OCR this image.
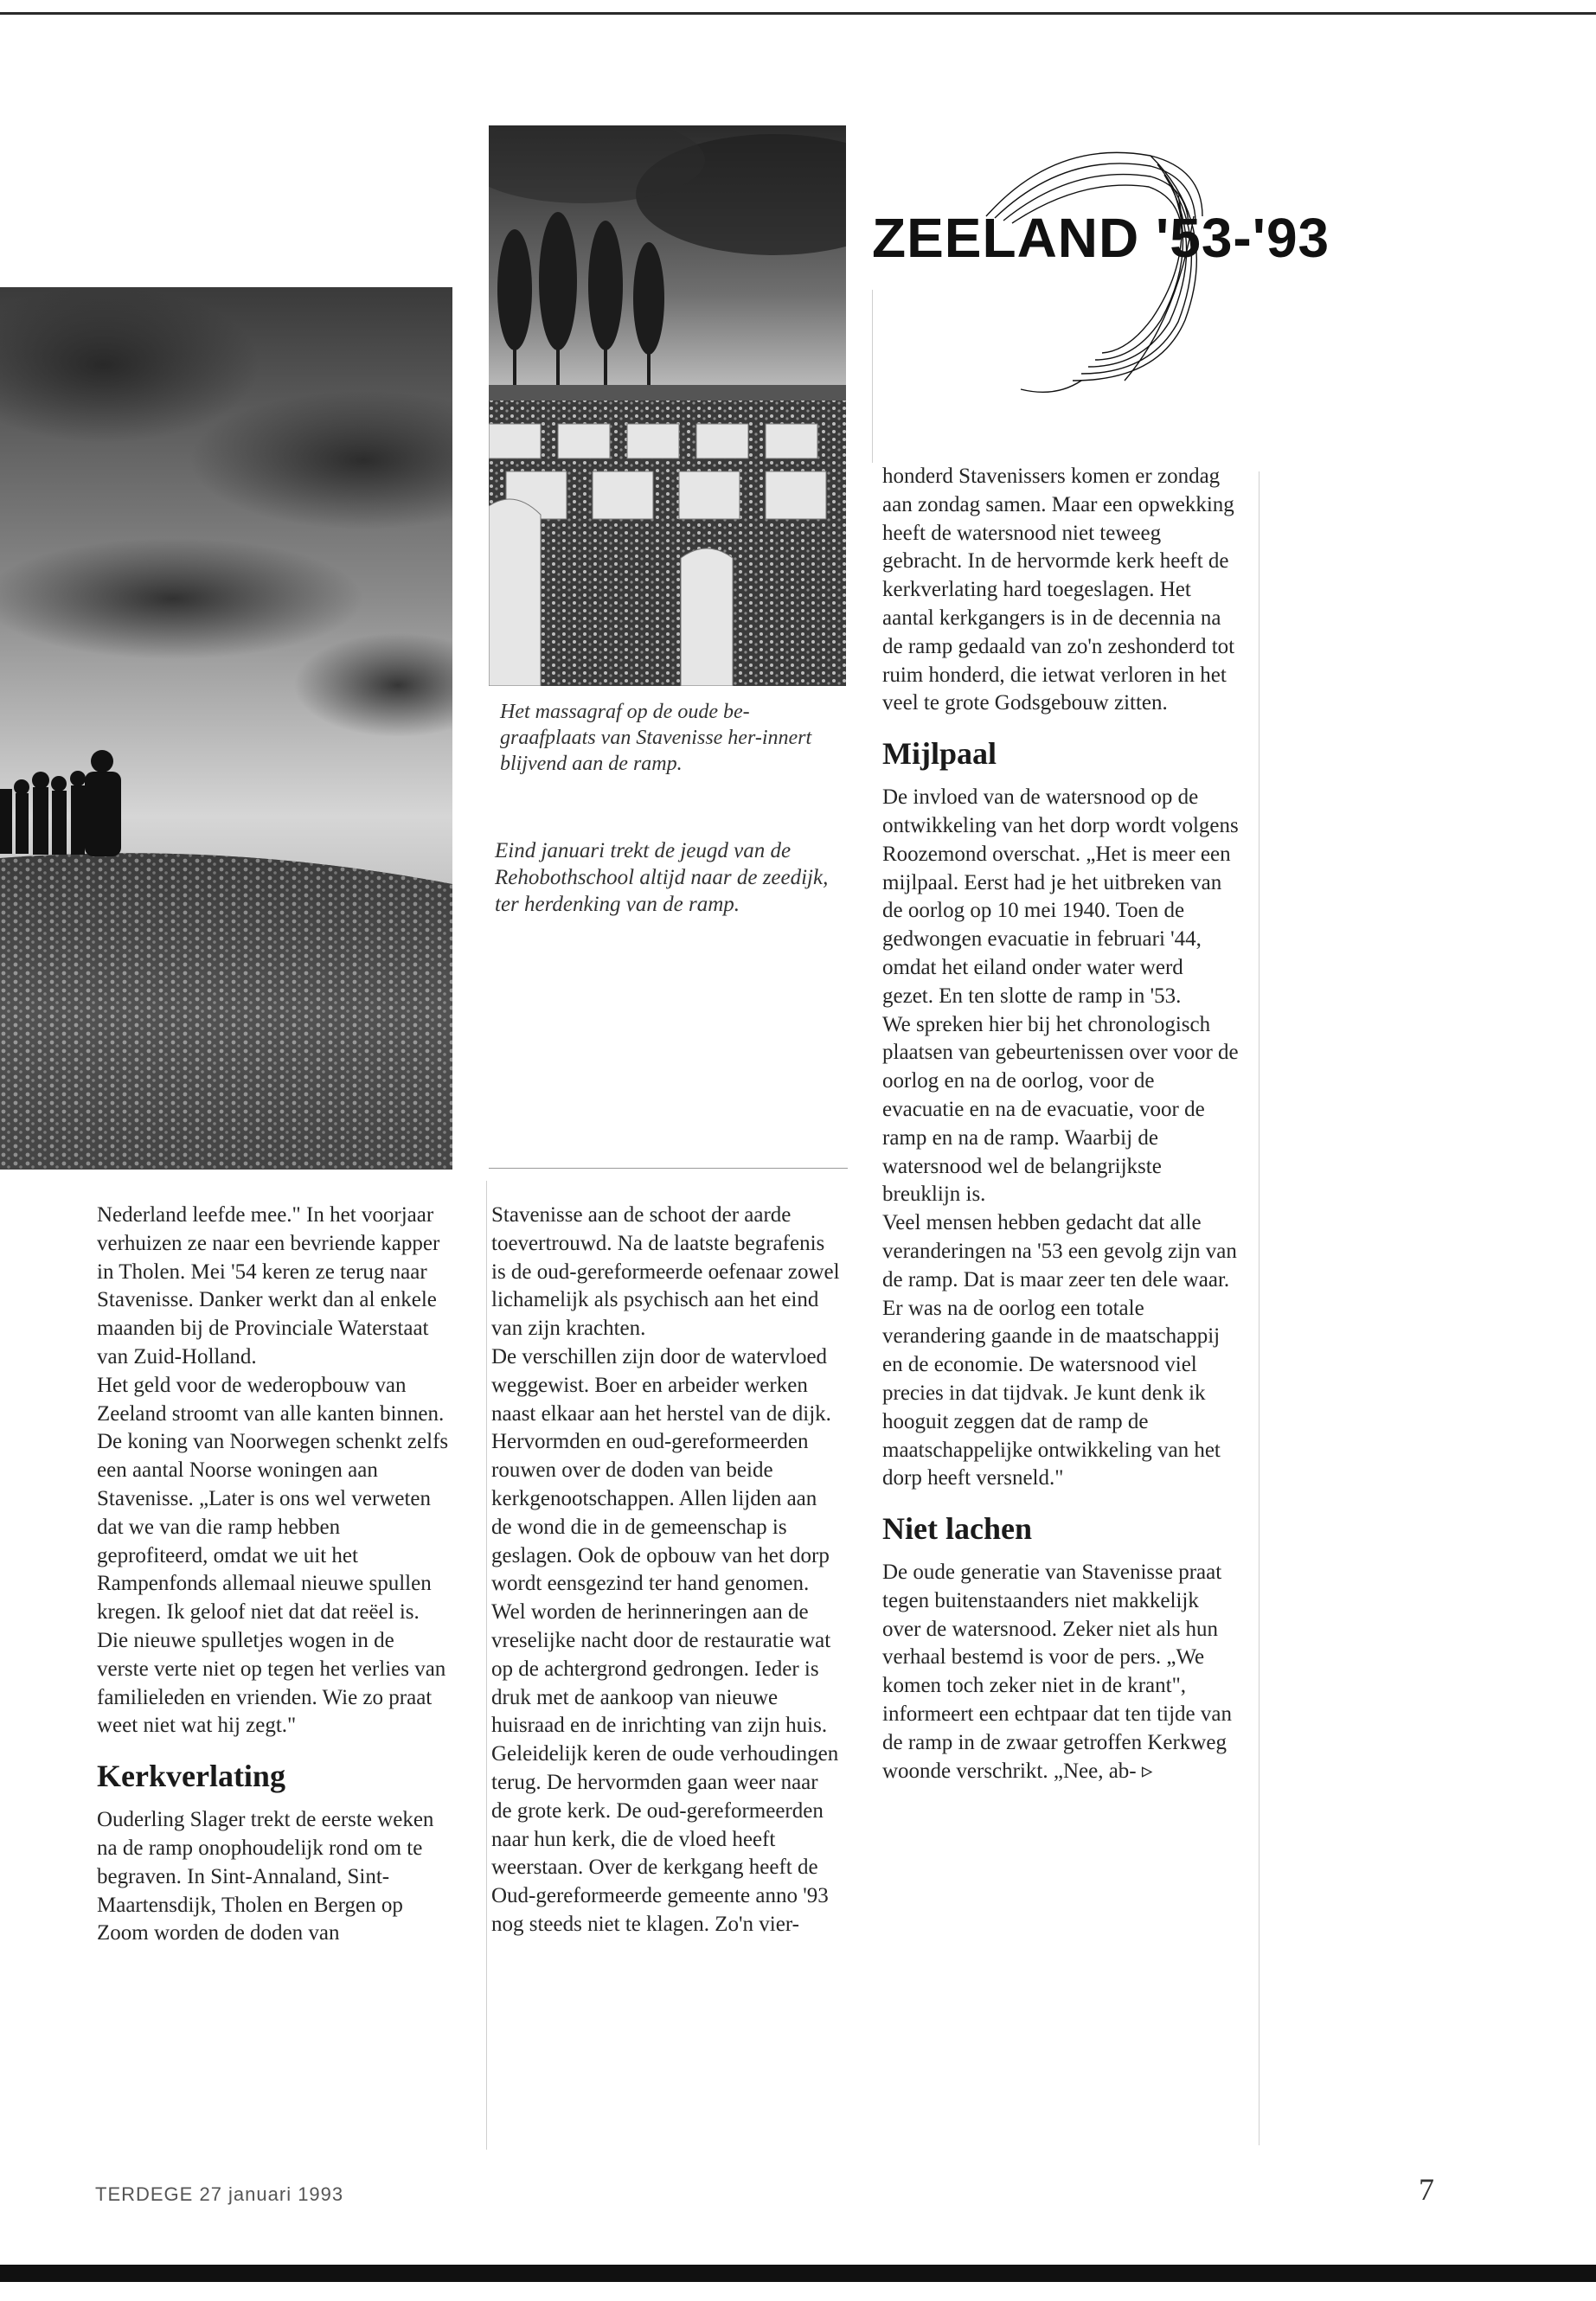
Het massagraf op de oude be-graafplaats van Stavenisse her-innert blijvend aan de ramp.
Eind januari trekt de jeugd van de Rehobothschool altijd naar de zeedijk, ter herdenking van de ramp.
ZEELAND '53-'93

Nederland leefde mee." In het voorjaar verhuizen ze naar een bevriende kapper in Tholen. Mei '54 keren ze terug naar Stavenisse. Danker werkt dan al enkele maanden bij de Provinciale Waterstaat van Zuid-Holland.

Het geld voor de wederopbouw van Zeeland stroomt van alle kanten binnen. De koning van Noorwegen schenkt zelfs een aantal Noorse woningen aan Stavenisse. „Later is ons wel verweten dat we van die ramp hebben geprofiteerd, omdat we uit het Rampenfonds allemaal nieuwe spullen kregen. Ik geloof niet dat dat reëel is. Die nieuwe spulletjes wogen in de verste verte niet op tegen het verlies van familieleden en vrienden. Wie zo praat weet niet wat hij zegt."

Kerkverlating

Ouderling Slager trekt de eerste weken na de ramp onophoudelijk rond om te begraven. In Sint-Annaland, Sint-Maartensdijk, Tholen en Bergen op Zoom worden de doden van

Stavenisse aan de schoot der aarde toevertrouwd. Na de laatste begrafenis is de oud-gereformeerde oefenaar zowel lichamelijk als psychisch aan het eind van zijn krachten.

De verschillen zijn door de watervloed weggewist. Boer en arbeider werken naast elkaar aan het herstel van de dijk. Hervormden en oud-gereformeerden rouwen over de doden van beide kerkgenootschappen. Allen lijden aan de wond die in de gemeenschap is geslagen. Ook de opbouw van het dorp wordt eensgezind ter hand genomen. Wel worden de herinneringen aan de vreselijke nacht door de restauratie wat op de achtergrond gedrongen. Ieder is druk met de aankoop van nieuwe huisraad en de inrichting van zijn huis.

Geleidelijk keren de oude verhoudingen terug. De hervormden gaan weer naar de grote kerk. De oud-gereformeerden naar hun kerk, die de vloed heeft weerstaan. Over de kerkgang heeft de Oud-gereformeerde gemeente anno '93 nog steeds niet te klagen. Zo'n vier-

honderd Stavenissers komen er zondag aan zondag samen. Maar een opwekking heeft de watersnood niet teweeg gebracht. In de hervormde kerk heeft de kerkverlating hard toegeslagen. Het aantal kerkgangers is in de decennia na de ramp gedaald van zo'n zeshonderd tot ruim honderd, die ietwat verloren in het veel te grote Godsgebouw zitten.

Mijlpaal

De invloed van de watersnood op de ontwikkeling van het dorp wordt volgens Roozemond overschat. „Het is meer een mijlpaal. Eerst had je het uitbreken van de oorlog op 10 mei 1940. Toen de gedwongen evacuatie in februari '44, omdat het eiland onder water werd gezet. En ten slotte de ramp in '53.

We spreken hier bij het chronologisch plaatsen van gebeurtenissen over voor de oorlog en na de oorlog, voor de evacuatie en na de evacuatie, voor de ramp en na de ramp. Waarbij de watersnood wel de belangrijkste breuklijn is.

Veel mensen hebben gedacht dat alle veranderingen na '53 een gevolg zijn van de ramp. Dat is maar zeer ten dele waar. Er was na de oorlog een totale verandering gaande in de maatschappij en de economie. De watersnood viel precies in dat tijdvak. Je kunt denk ik hooguit zeggen dat de ramp de maatschappelijke ontwikkeling van het dorp heeft versneld."

Niet lachen

De oude generatie van Stavenisse praat tegen buitenstaanders niet makkelijk over de watersnood. Zeker niet als hun verhaal bestemd is voor de pers. „We komen toch zeker niet in de krant", informeert een echtpaar dat ten tijde van de ramp in de zwaar getroffen Kerkweg woonde verschrikt. „Nee, ab- ▹

TERDEGE 27 januari 1993	7
